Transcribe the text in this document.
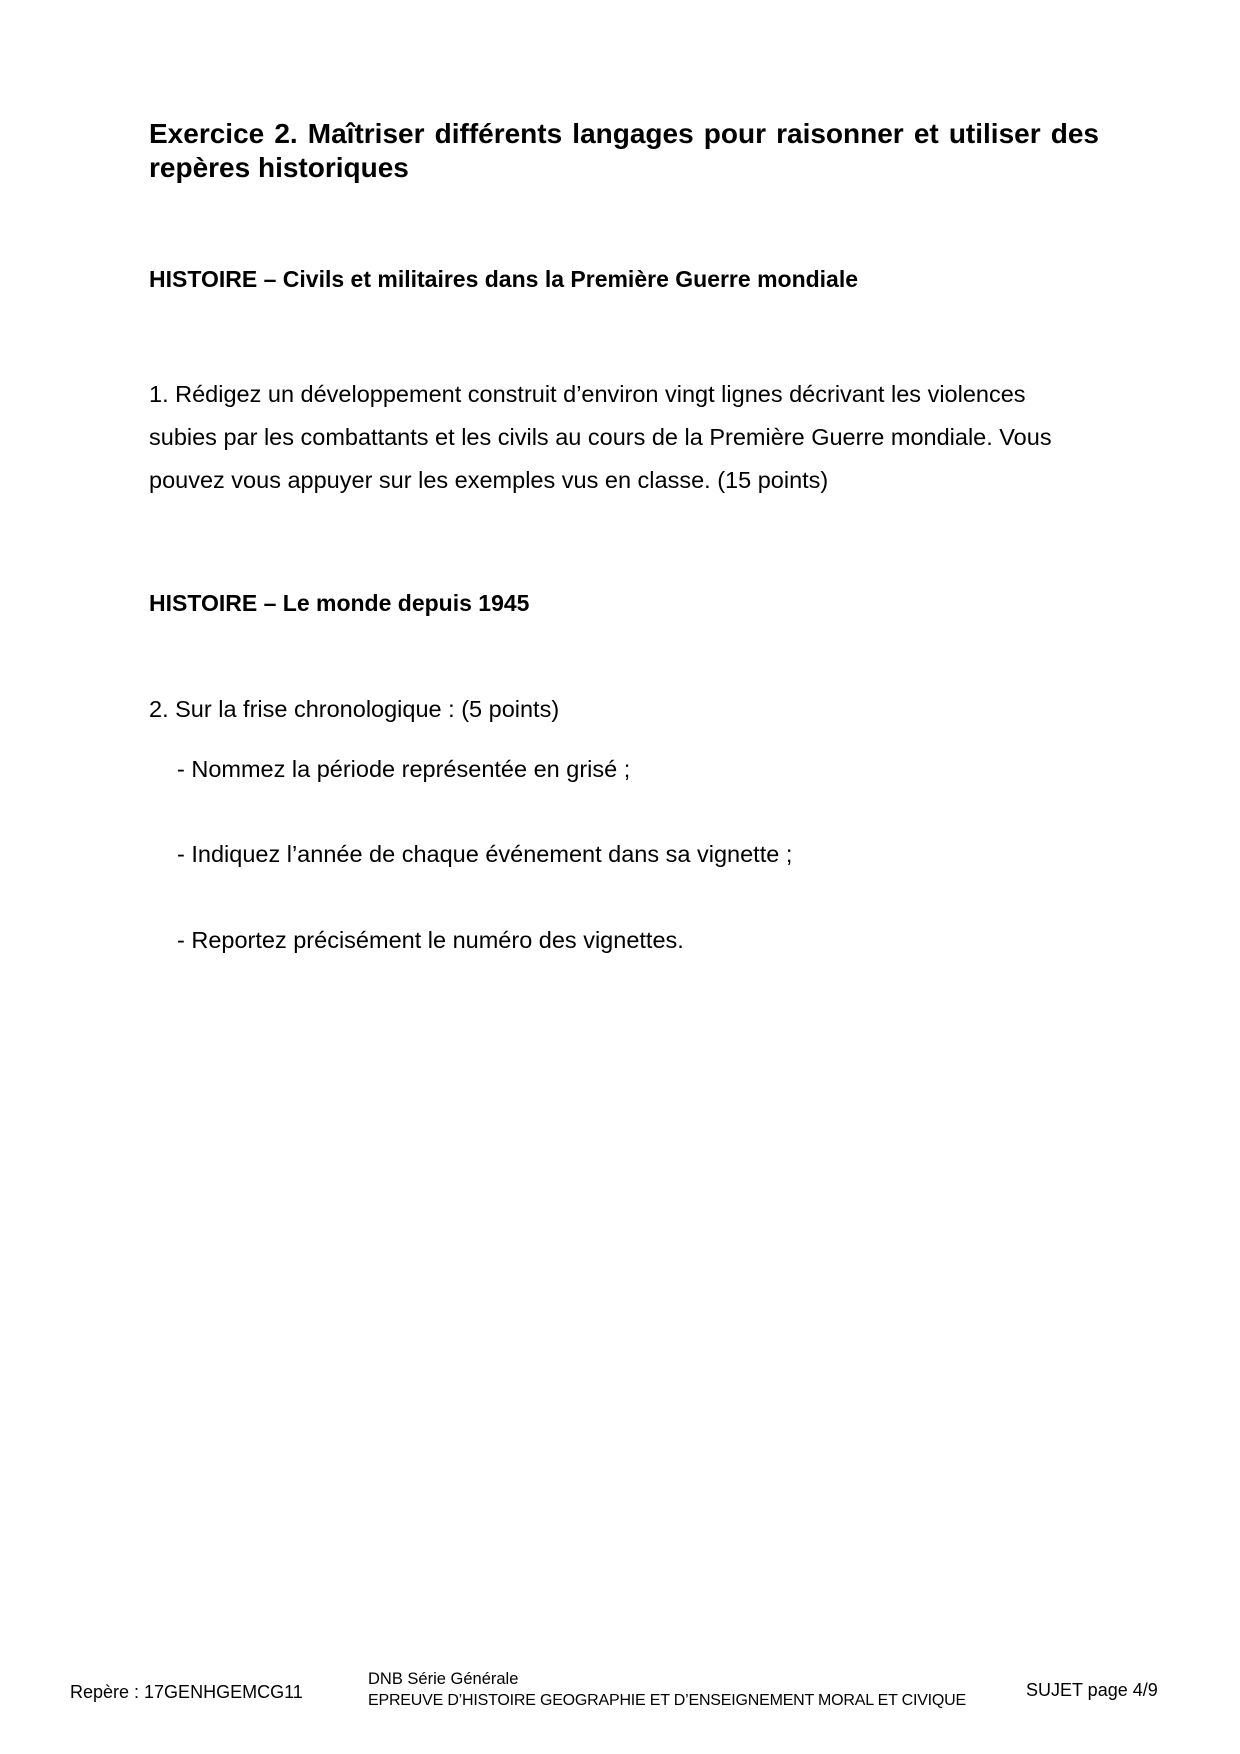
Exercice 2. Maîtriser différents langages pour raisonner et utiliser des repères historiques
HISTOIRE – Civils et militaires dans la Première Guerre mondiale

1. Rédigez un développement construit d’environ vingt lignes décrivant les violences subies par les combattants et les civils au cours de la Première Guerre mondiale. Vous pouvez vous appuyer sur les exemples vus en classe. (15 points)

HISTOIRE – Le monde depuis 1945

2. Sur la frise chronologique : (5 points)

- Nommez la période représentée en grisé ;

- Indiquez l’année de chaque événement dans sa vignette ;

- Reportez précisément le numéro des vignettes.

Repère : 17GENHGEMCG11
DNB Série Générale
EPREUVE D’HISTOIRE GEOGRAPHIE ET D’ENSEIGNEMENT MORAL ET CIVIQUE
SUJET page 4/9
